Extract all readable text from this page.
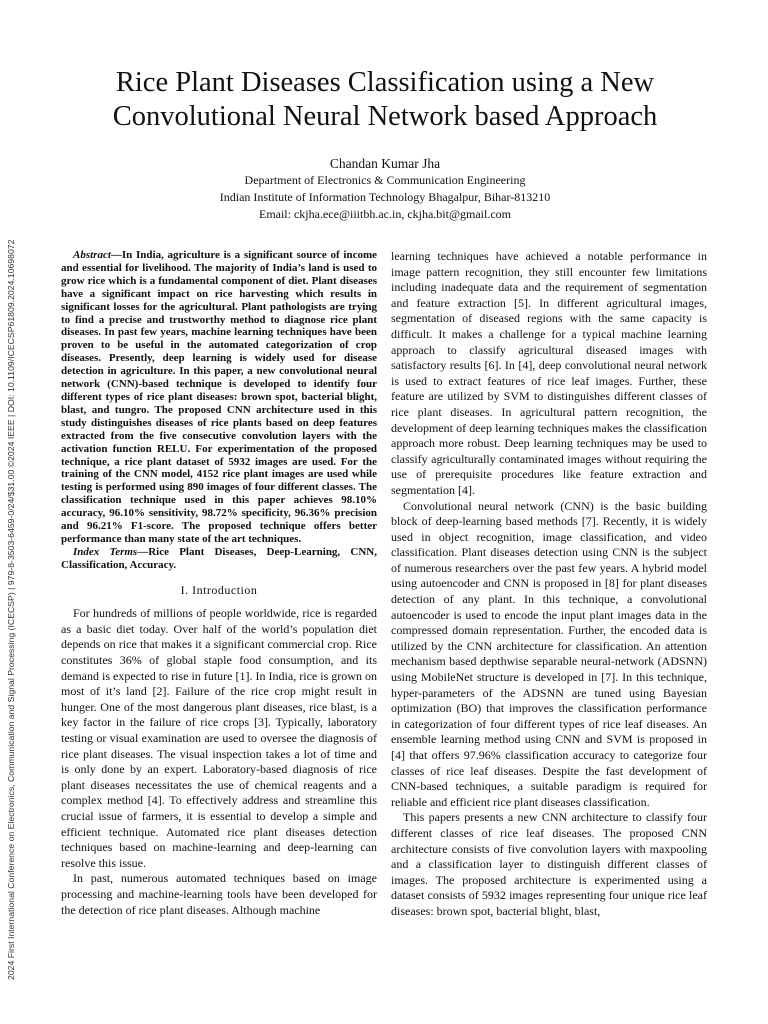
2024 First International Conference on Electronics, Communication and Signal Processing (ICECSP) | 979-8-3503-6459-0/24/$31.00 ©2024 IEEE | DOI: 10.1109/ICECSP61809.2024.10698072
Rice Plant Diseases Classification using a New
Convolutional Neural Network based Approach
Chandan Kumar Jha
Department of Electronics & Communication Engineering
Indian Institute of Information Technology Bhagalpur, Bihar-813210
Email: ckjha.ece@iiitbh.ac.in, ckjha.bit@gmail.com

Abstract—In India, agriculture is a significant source of income and essential for livelihood. The majority of India’s land is used to grow rice which is a fundamental component of diet. Plant diseases have a significant impact on rice harvesting which results in significant losses for the agricultural. Plant pathologists are trying to find a precise and trustworthy method to diagnose rice plant diseases. In past few years, machine learning techniques have been proven to be useful in the automated categorization of crop diseases. Presently, deep learning is widely used for disease detection in agriculture. In this paper, a new convolutional neural network (CNN)-based technique is developed to identify four different types of rice plant diseases: brown spot, bacterial blight, blast, and tungro. The proposed CNN architecture used in this study distinguishes diseases of rice plants based on deep features extracted from the five consecutive convolution layers with the activation function RELU. For experimentation of the proposed technique, a rice plant dataset of 5932 images are used. For the training of the CNN model, 4152 rice plant images are used while testing is performed using 890 images of four different classes. The classification technique used in this paper achieves 98.10% accuracy, 96.10% sensitivity, 98.72% specificity, 96.36% precision and 96.21% F1-score. The proposed technique offers better performance than many state of the art techniques.

Index Terms—Rice Plant Diseases, Deep-Learning, CNN, Classification, Accuracy.

I. Introduction

For hundreds of millions of people worldwide, rice is regarded as a basic diet today. Over half of the world’s population diet depends on rice that makes it a significant commercial crop. Rice constitutes 36% of global staple food consumption, and its demand is expected to rise in future [1]. In India, rice is grown on most of it’s land [2]. Failure of the rice crop might result in hunger. One of the most dangerous plant diseases, rice blast, is a key factor in the failure of rice crops [3]. Typically, laboratory testing or visual examination are used to oversee the diagnosis of rice plant diseases. The visual inspection takes a lot of time and is only done by an expert. Laboratory-based diagnosis of rice plant diseases necessitates the use of chemical reagents and a complex method [4]. To effectively address and streamline this crucial issue of farmers, it is essential to develop a simple and efficient technique. Automated rice plant diseases detection techniques based on machine-learning and deep-learning can resolve this issue.

In past, numerous automated techniques based on image processing and machine-learning tools have been developed for the detection of rice plant diseases. Although machine

learning techniques have achieved a notable performance in image pattern recognition, they still encounter few limitations including inadequate data and the requirement of segmentation and feature extraction [5]. In different agricultural images, segmentation of diseased regions with the same capacity is difficult. It makes a challenge for a typical machine learning approach to classify agricultural diseased images with satisfactory results [6]. In [4], deep convolutional neural network is used to extract features of rice leaf images. Further, these feature are utilized by SVM to distinguishes different classes of rice plant diseases. In agricultural pattern recognition, the development of deep learning techniques makes the classification approach more robust. Deep learning techniques may be used to classify agriculturally contaminated images without requiring the use of prerequisite procedures like feature extraction and segmentation [4].

Convolutional neural network (CNN) is the basic building block of deep-learning based methods [7]. Recently, it is widely used in object recognition, image classification, and video classification. Plant diseases detection using CNN is the subject of numerous researchers over the past few years. A hybrid model using autoencoder and CNN is proposed in [8] for plant diseases detection of any plant. In this technique, a convolutional autoencoder is used to encode the input plant images data in the compressed domain representation. Further, the encoded data is utilized by the CNN architecture for classification. An attention mechanism based depthwise separable neural-network (ADSNN) using MobileNet structure is developed in [7]. In this technique, hyper-parameters of the ADSNN are tuned using Bayesian optimization (BO) that improves the classification performance in categorization of four different types of rice leaf diseases. An ensemble learning method using CNN and SVM is proposed in [4] that offers 97.96% classification accuracy to categorize four classes of rice leaf diseases. Despite the fast development of CNN-based techniques, a suitable paradigm is required for reliable and efficient rice plant diseases classification.

This papers presents a new CNN architecture to classify four different classes of rice leaf diseases. The proposed CNN architecture consists of five convolution layers with maxpooling and a classification layer to distinguish different classes of images. The proposed architecture is experimented using a dataset consists of 5932 images representing four unique rice leaf diseases: brown spot, bacterial blight, blast,
